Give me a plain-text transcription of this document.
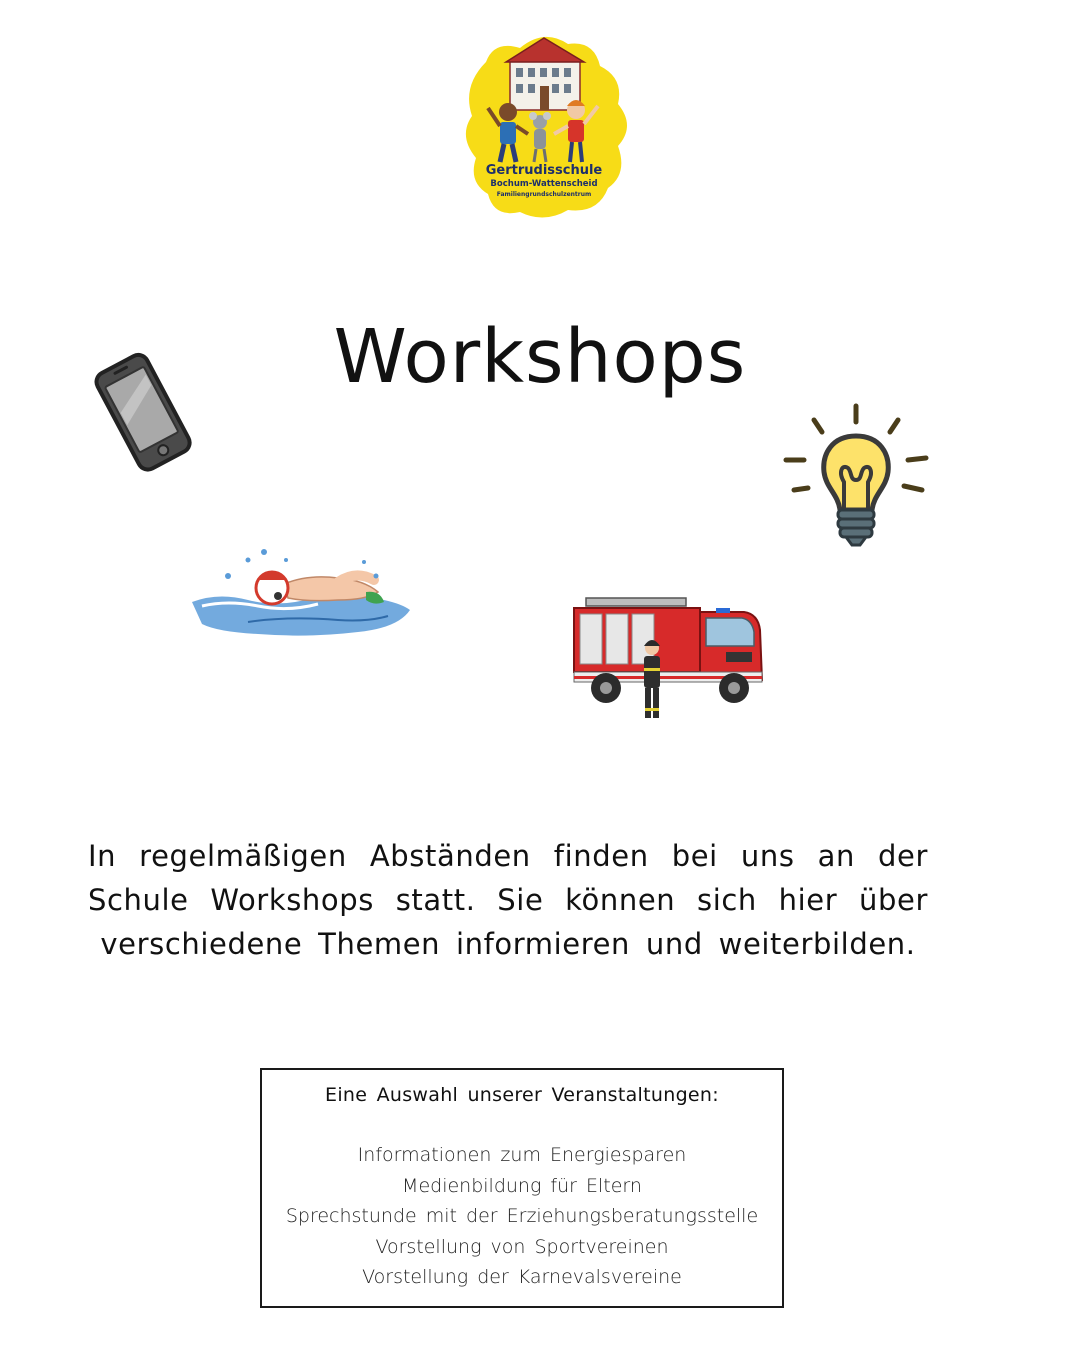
Gertrudisschule
Bochum-Wattenscheid
Familiengrundschulzentrum
Workshops

In regelmäßigen Abständen finden bei uns an der Schule Workshops statt. Sie können sich hier über verschiedene Themen informieren und weiterbilden.

Eine Auswahl unserer Veranstaltungen:
Informationen zum Energiesparen
Medienbildung für Eltern
Sprechstunde mit der Erziehungsberatungsstelle
Vorstellung von Sportvereinen
Vorstellung der Karnevalsvereine
